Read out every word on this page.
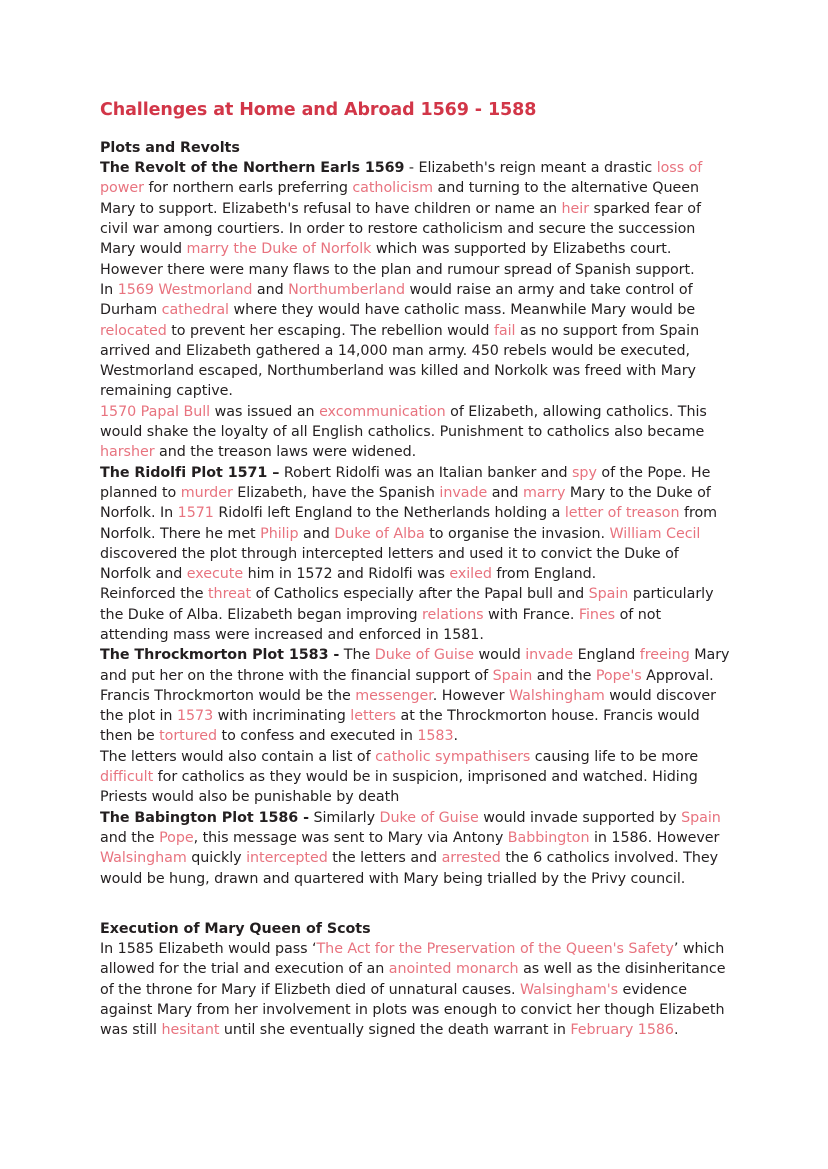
Challenges at Home and Abroad 1569 - 1588
Plots and Revolts

The Revolt of the Northern Earls 1569 - Elizabeth's reign meant a drastic loss of power for northern earls preferring catholicism and turning to the alternative Queen Mary to support. Elizabeth's refusal to have children or name an heir sparked fear of civil war among courtiers. In order to restore catholicism and secure the succession Mary would marry the Duke of Norfolk which was supported by Elizabeths court. However there were many flaws to the plan and rumour spread of Spanish support.

In 1569 Westmorland and Northumberland would raise an army and take control of Durham cathedral where they would have catholic mass. Meanwhile Mary would be relocated to prevent her escaping. The rebellion would fail as no support from Spain arrived and Elizabeth gathered a 14,000 man army. 450 rebels would be executed, Westmorland escaped, Northumberland was killed and Norkolk was freed with Mary remaining captive.

1570 Papal Bull was issued an excommunication of Elizabeth, allowing catholics. This would shake the loyalty of all English catholics. Punishment to catholics also became harsher and the treason laws were widened.

The Ridolfi Plot 1571 – Robert Ridolfi was an Italian banker and spy of the Pope. He planned to murder Elizabeth, have the Spanish invade and marry Mary to the Duke of Norfolk. In 1571 Ridolfi left England to the Netherlands holding a letter of treason from Norfolk. There he met Philip and Duke of Alba to organise the invasion. William Cecil discovered the plot through intercepted letters and used it to convict the Duke of Norfolk and execute him in 1572 and Ridolfi was exiled from England.

Reinforced the threat of Catholics especially after the Papal bull and Spain particularly the Duke of Alba. Elizabeth began improving relations with France. Fines of not attending mass were increased and enforced in 1581.

The Throckmorton Plot 1583 - The Duke of Guise would invade England freeing Mary and put her on the throne with the financial support of Spain and the Pope's Approval. Francis Throckmorton would be the messenger. However Walshingham would discover the plot in 1573 with incriminating letters at the Throckmorton house. Francis would then be tortured to confess and executed in 1583.

The letters would also contain a list of catholic sympathisers causing life to be more difficult for catholics as they would be in suspicion, imprisoned and watched. Hiding Priests would also be punishable by death

The Babington Plot 1586 - Similarly Duke of Guise would invade supported by Spain and the Pope, this message was sent to Mary via Antony Babbington in 1586. However Walsingham quickly intercepted the letters and arrested the 6 catholics involved. They would be hung, drawn and quartered with Mary being trialled by the Privy council.

Execution of Mary Queen of Scots

In 1585 Elizabeth would pass ‘The Act for the Preservation of the Queen's Safety’ which allowed for the trial and execution of an anointed monarch as well as the disinheritance of the throne for Mary if Elizbeth died of unnatural causes. Walsingham's evidence against Mary from her involvement in plots was enough to convict her though Elizabeth was still hesitant until she eventually signed the death warrant in February 1586.
